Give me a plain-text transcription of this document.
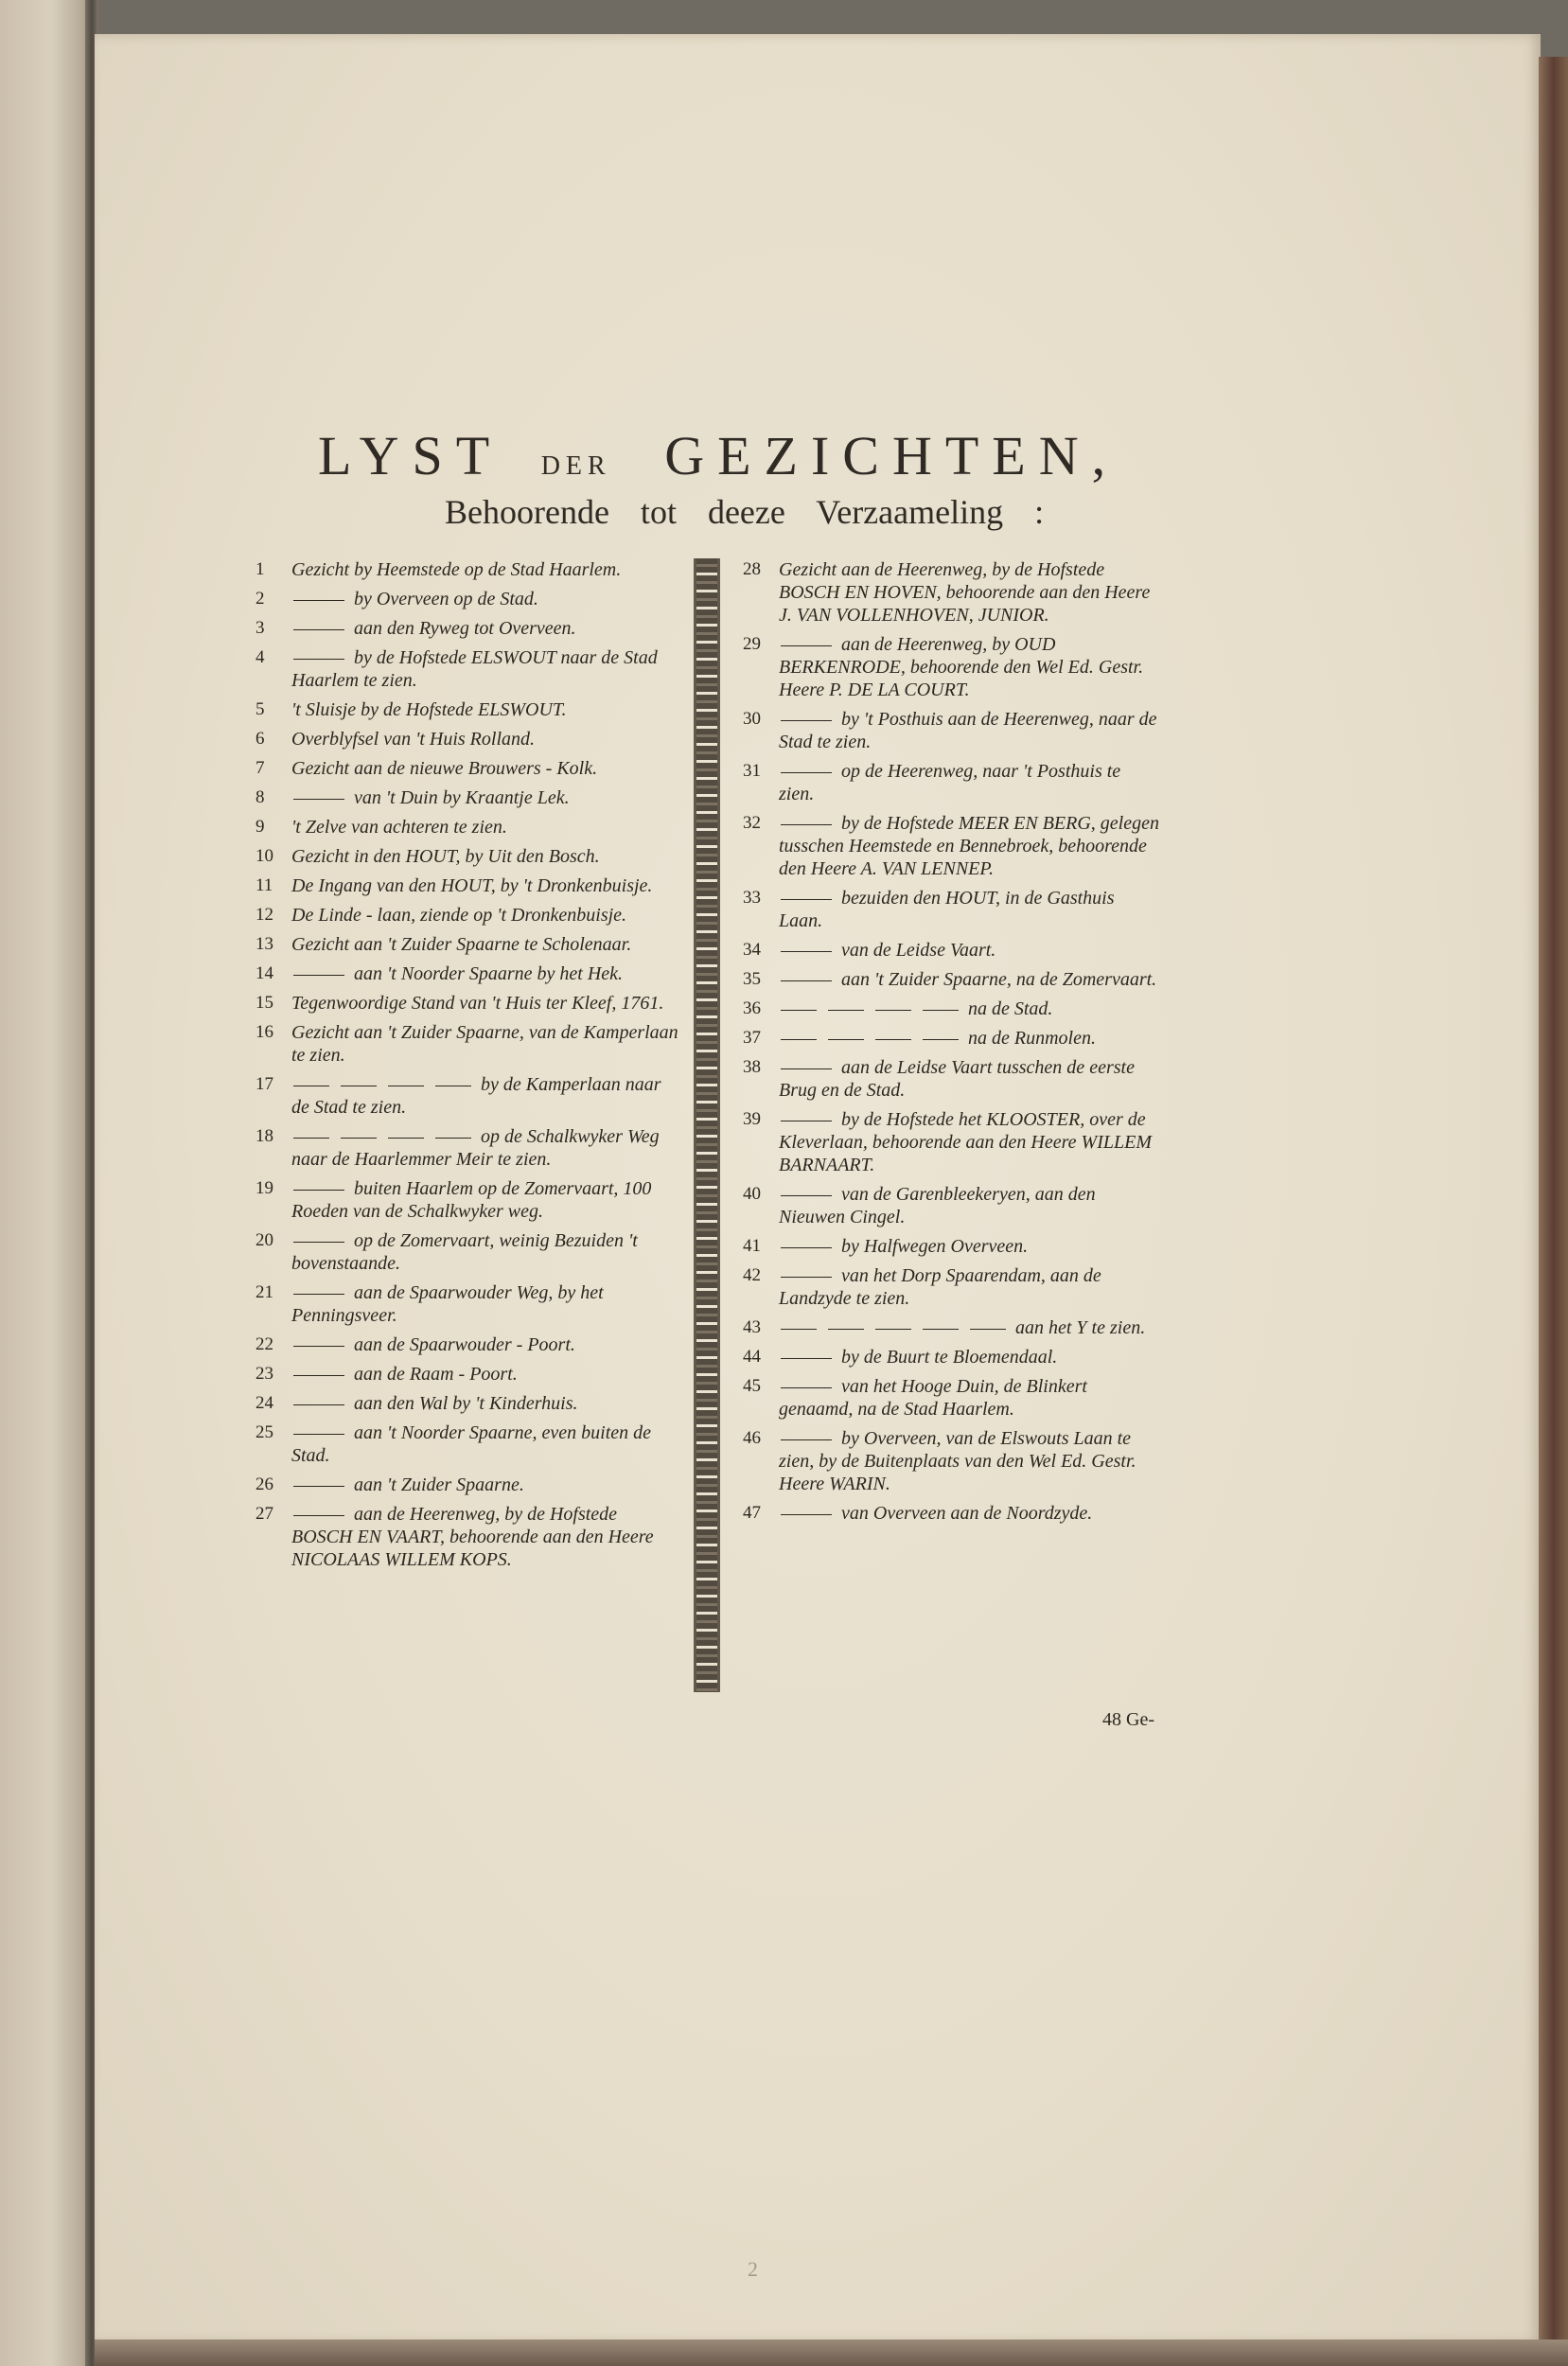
LYST DER GEZICHTEN,
Behoorende tot deeze Verzaameling :
1	Gezicht by Heemstede op de Stad Haarlem.
2	by Overveen op de Stad.
3	aan den Ryweg tot Overveen.
4	by de Hofstede ELSWOUT naar de Stad Haarlem te zien.
5	't Sluisje by de Hofstede ELSWOUT.
6	Overblyfsel van 't Huis Rolland.
7	Gezicht aan de nieuwe Brouwers - Kolk.
8	van 't Duin by Kraantje Lek.
9	't Zelve van achteren te zien.
10 Gezicht in den HOUT, by Uit den Bosch.
11 De Ingang van den HOUT, by 't Dronkenbuisje.
12 De Linde - laan, ziende op 't Dronkenbuisje.
13 Gezicht aan 't Zuider Spaarne te Scholenaar.
14	aan 't Noorder Spaarne by het Hek.
15 Tegenwoordige Stand van 't Huis ter Kleef, 1761.
16 Gezicht aan 't Zuider Spaarne, van de Kamperlaan te zien.
17	by de Kamperlaan naar de Stad te zien.
18	op de Schalkwyker Weg naar de Haarlemmer Meir te zien.
19	buiten Haarlem op de Zomervaart, 100 Roeden van de Schalkwyker weg.
20	op de Zomervaart, weinig Bezuiden 't bovenstaande.
21	aan de Spaarwouder Weg, by het Penningsveer.
22	aan de Spaarwouder - Poort.
23	aan de Raam - Poort.
24	aan den Wal by 't Kinderhuis.
25	aan 't Noorder Spaarne, even buiten de Stad.
26	aan 't Zuider Spaarne.
27	aan de Heerenweg, by de Hofstede BOSCH EN VAART, behoorende aan den Heere NICOLAAS WILLEM KOPS.
28 Gezicht aan de Heerenweg, by de Hofstede BOSCH EN HOVEN, behoorende aan den Heere J. VAN VOLLENHOVEN, JUNIOR.
29	aan de Heerenweg, by OUD BERKENRODE, behoorende den Wel Ed. Gestr. Heere P. DE LA COURT.
30	by 't Posthuis aan de Heerenweg, naar de Stad te zien.
31	op de Heerenweg, naar 't Posthuis te zien.
32	by de Hofstede MEER EN BERG, gelegen tusschen Heemstede en Bennebroek, behoorende den Heere A. VAN LENNEP.
33	bezuiden den HOUT, in de Gasthuis Laan.
34	van de Leidse Vaart.
35	aan 't Zuider Spaarne, na de Zomervaart.
36	na de Stad.
37	na de Runmolen.
38	aan de Leidse Vaart tusschen de eerste Brug en de Stad.
39	by de Hofstede het KLOOSTER, over de Kleverlaan, behoorende aan den Heere WILLEM BARNAART.
40	van de Garenbleekeryen, aan den Nieuwen Cingel.
41	by Halfwegen Overveen.
42	van het Dorp Spaarendam, aan de Landzyde te zien.
43	aan het Y te zien.
44	by de Buurt te Bloemendaal.
45	van het Hooge Duin, de Blinkert genaamd, na de Stad Haarlem.
46	by Overveen, van de Elswouts Laan te zien, by de Buitenplaats van den Wel Ed. Gestr. Heere WARIN.
47	van Overveen aan de Noordzyde.
48 Ge-
2
